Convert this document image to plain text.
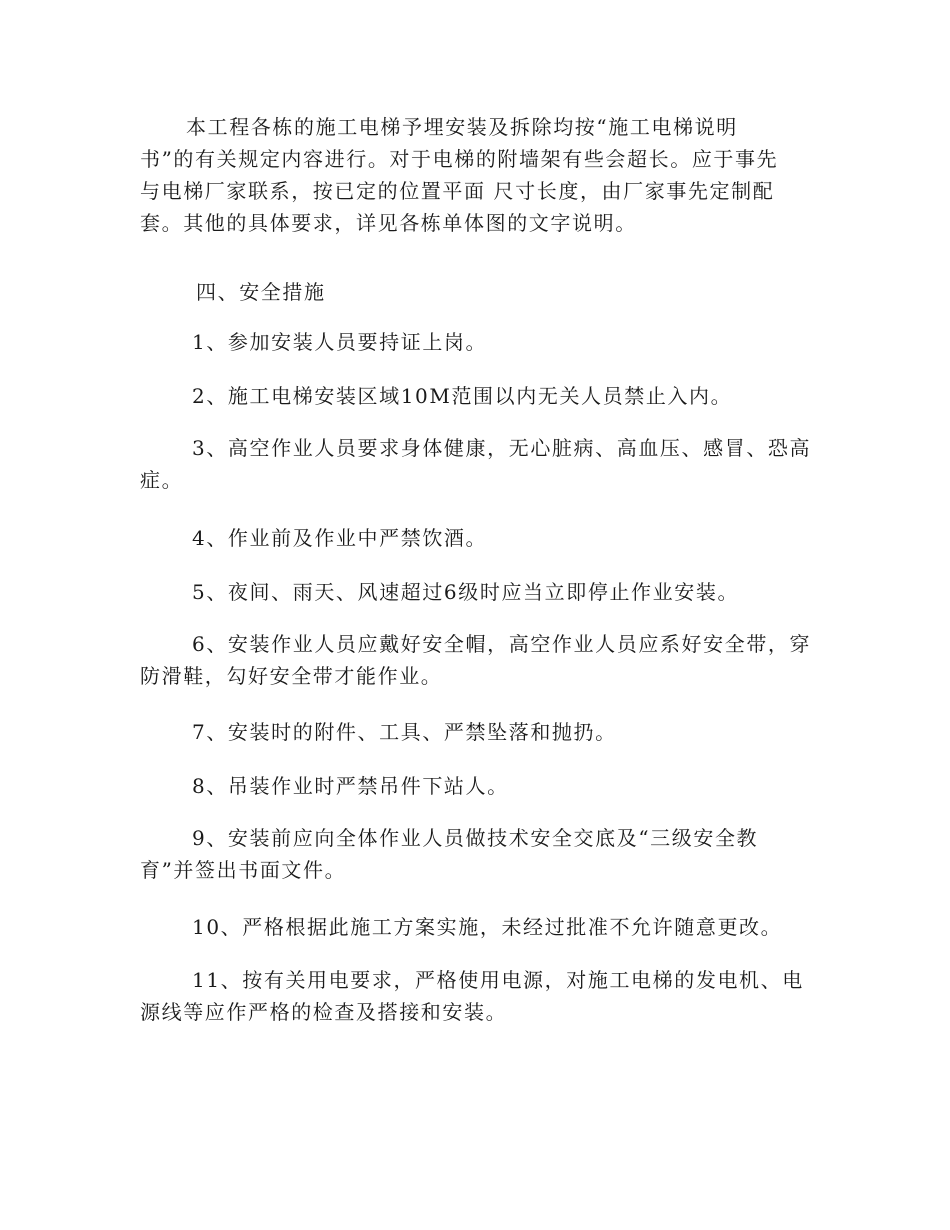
本工程各栋的施工电梯予埋安装及拆除均按“施工电梯说明
书”的有关规定内容进行。对于电梯的附墙架有些会超长。应于事先
与电梯厂家联系，按已定的位置平面 尺寸长度，由厂家事先定制配
套。其他的具体要求，详见各栋单体图的文字说明。
四、安全措施
1、参加安装人员要持证上岗。
2、施工电梯安装区域10M范围以内无关人员禁止入内。
3、高空作业人员要求身体健康，无心脏病、高血压、感冒、恐高
症。
4、作业前及作业中严禁饮酒。
5、夜间、雨天、风速超过6级时应当立即停止作业安装。
6、安装作业人员应戴好安全帽，高空作业人员应系好安全带，穿
防滑鞋，勾好安全带才能作业。
7、安装时的附件、工具、严禁坠落和抛扔。
8、吊装作业时严禁吊件下站人。
9、安装前应向全体作业人员做技术安全交底及“三级安全教
育”并签出书面文件。
10、严格根据此施工方案实施，未经过批准不允许随意更改。
11、按有关用电要求，严格使用电源，对施工电梯的发电机、电
源线等应作严格的检查及搭接和安装。
